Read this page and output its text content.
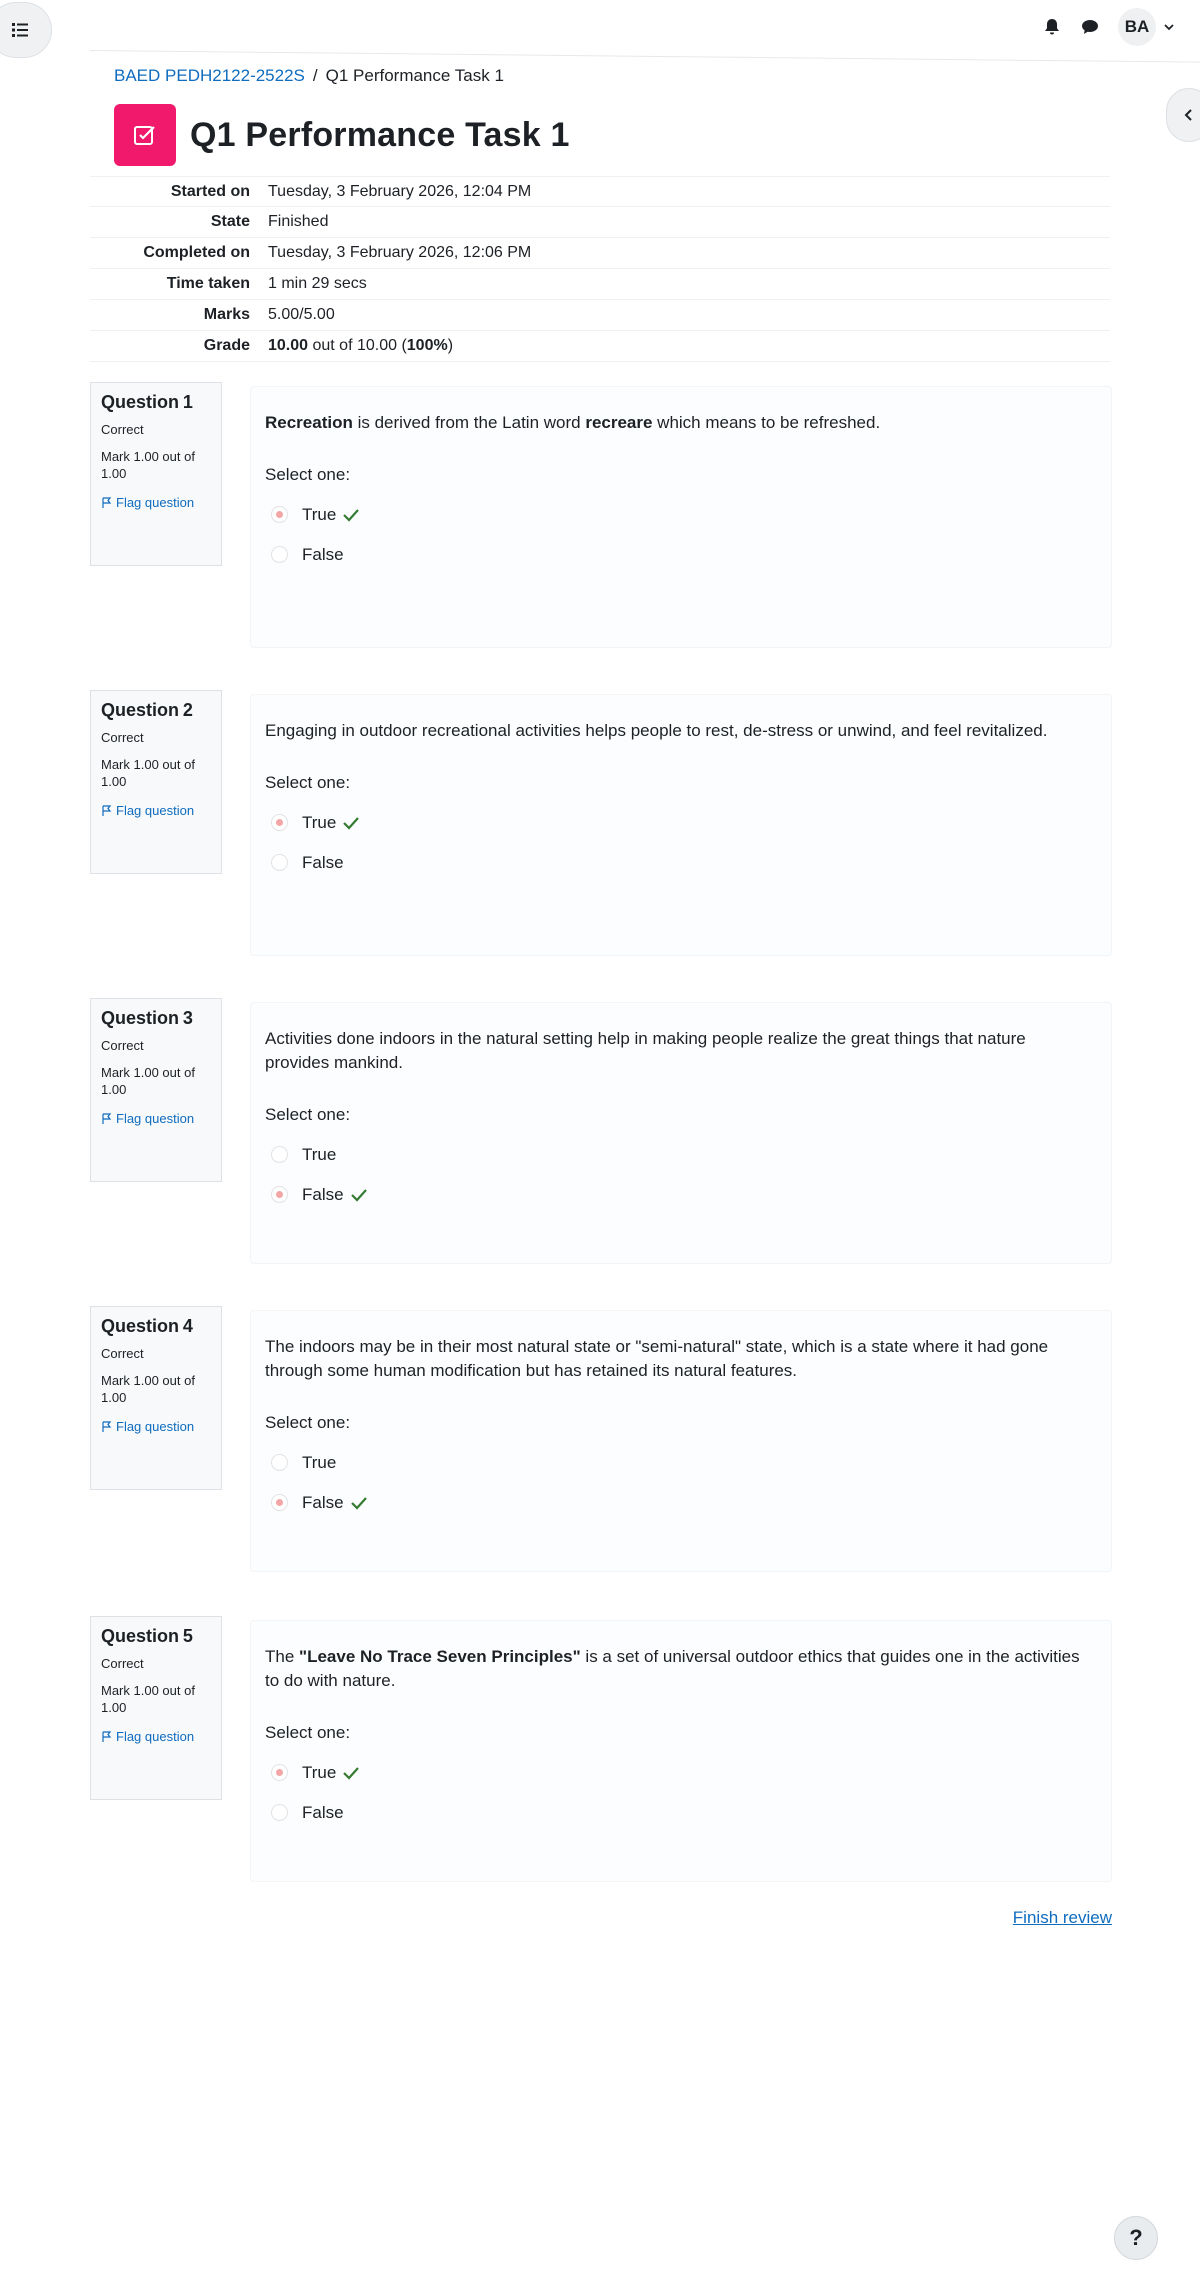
BA
BAED PEDH2122-2522S / Q1 Performance Task 1
Q1 Performance Task 1
Started on	Tuesday, 3 February 2026, 12:04 PM
State	Finished
Completed on	Tuesday, 3 February 2026, 12:06 PM
Time taken	1 min 29 secs
Marks	5.00/5.00
Grade	10.00 out of 10.00 (100%)
Question 1
Correct
Mark 1.00 out of 1.00
Flag question
Recreation is derived from the Latin word recreare which means to be refreshed.
Select one:
True
False
Question 2
Correct
Mark 1.00 out of 1.00
Flag question
Engaging in outdoor recreational activities helps people to rest, de-stress or unwind, and feel revitalized.
Select one:
True
False
Question 3
Correct
Mark 1.00 out of 1.00
Flag question
Activities done indoors in the natural setting help in making people realize the great things that nature provides mankind.
Select one:
True
False
Question 4
Correct
Mark 1.00 out of 1.00
Flag question
The indoors may be in their most natural state or "semi-natural" state, which is a state where it had gone through some human modification but has retained its natural features.
Select one:
True
False
Question 5
Correct
Mark 1.00 out of 1.00
Flag question
The "Leave No Trace Seven Principles" is a set of universal outdoor ethics that guides one in the activities to do with nature.
Select one:
True
False
Finish review
?
